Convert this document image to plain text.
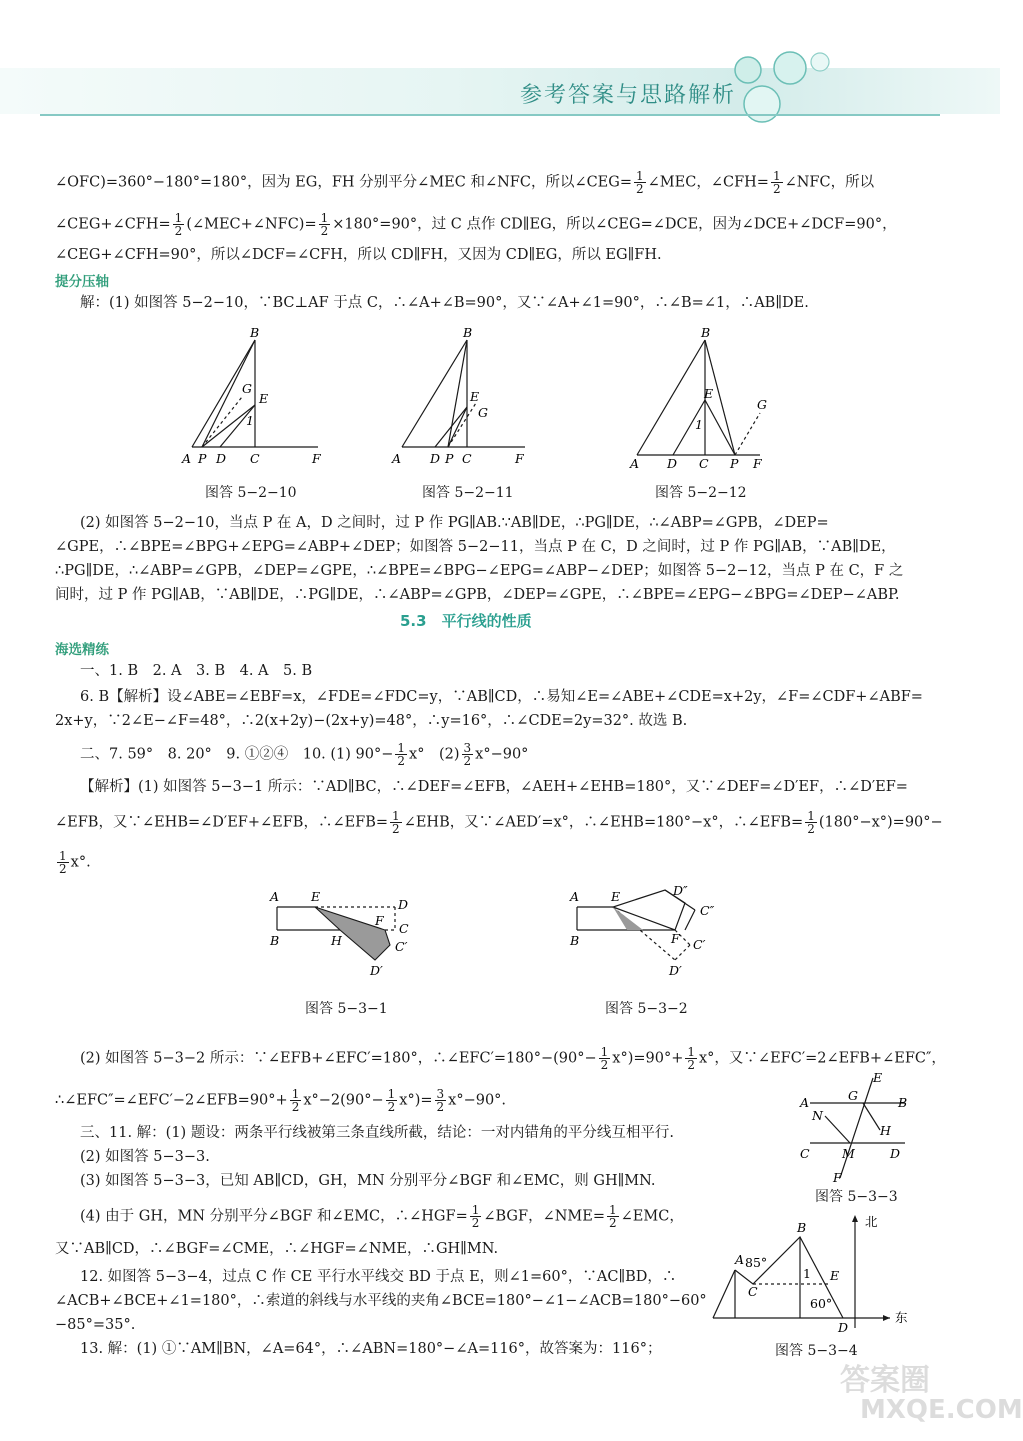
参考答案与思路解析
∠OFC)=360°−180°=180°，因为 EG，FH 分别平分∠MEC 和∠NFC，所以∠CEG= $\frac{1}{2}$ ∠MEC，∠CFH= $\frac{1}{2}$ ∠NFC，所以
∠CEG+∠CFH= $\frac{1}{2}$ (∠MEC+∠NFC)= $\frac{1}{2} \times 180^\circ=90^\circ$，过 C 点作 CD∥EG，所以∠CEG=∠DCE，因为∠DCE+∠DCF=90°，
∠CEG+∠CFH=90°，所以∠DCF=∠CFH，所以 CD∥FH，又因为 CD∥EG，所以 EG∥FH.
提分压轴
解：(1) 如图答 5−2−10，∵BC⊥AF 于点 C，∴∠A+∠B=90°，又∵∠A+∠1=90°，∴∠B=∠1，∴AB∥DE.
A P D C	F
B
G
E
1
图答 5−2−10
A D P C	F
B
E
G
图答 5−2−11
A D C P F
B
E
G
1
图答 5−2−12
(2) 如图答 5−2−10，当点 P 在 A，D 之间时，过 P 作 PG∥AB.∵AB∥DE，∴PG∥DE，∴∠ABP=∠GPB，∠DEP=
∠GPE，∴∠BPE=∠BPG+∠EPG=∠ABP+∠DEP；如图答 5−2−11，当点 P 在 C，D 之间时，过 P 作 PG∥AB，∵AB∥DE，
∴PG∥DE，∴∠ABP=∠GPB，∠DEP=∠GPE，∴∠BPE=∠BPG−∠EPG=∠ABP−∠DEP；如图答 5−2−12，当点 P 在 C，F 之
间时，过 P 作 PG∥AB，∵AB∥DE，∴PG∥DE，∴∠ABP=∠GPB，∠DEP=∠GPE，∴∠BPE=∠EPG−∠BPG=∠DEP−∠ABP.
5.3　平行线的性质
海选精练
一、1. B　2. A　3. B　4. A　5. B
6. B【解析】设∠ABE=∠EBF=x，∠FDE=∠FDC=y，∵AB∥CD，∴易知∠E=∠ABE+∠CDE=x+2y，∠F=∠CDF+∠ABF=
2x+y，∵2∠E−∠F=48°，∴2(x+2y)−(2x+y)=48°，∴y=16°，∴∠CDE=2y=32°. 故选 B.
二、7. 59°　8. 20°　9. ①②④　10. (1) $90^\circ- \frac{1}{2} x^\circ$　$(2) \frac{3}{2} x^\circ-90^\circ$
【解析】(1) 如图答 5−3−1 所示：∵AD∥BC，∴∠DEF=∠EFB，∠AEH+∠EHB=180°，又∵∠DEF=∠D′EF，∴∠D′EF=
∠EFB，又∵∠EHB=∠D′EF+∠EFB，∴∠EFB= $\frac{1}{2}$ ∠EHB，又∵∠AED′=x°，∴∠EHB=180°−x°，∴∠EFB= $\frac{1}{2} (180^\circ-x^\circ)=90^\circ-$
$\frac{1}{2} x^\circ$.
A	E
D
F
C
B	H	C′
D′
图答 5−3−1
A	E	D″
C″
B	F C′
D′
图答 5−3−2
(2) 如图答 5−3−2 所示：∵∠EFB+∠EFC′=180°，∴∠EFC′=180°−(90°− $\frac{1}{2} x^\circ)=90^\circ+ \frac{1}{2} x^\circ$，又∵∠EFC′=2∠EFB+∠EFC″，
∴∠EFC″=∠EFC′−2∠EFB=90°+ $\frac{1}{2} x^\circ-2(90^\circ- \frac{1}{2} x^\circ)= \frac{3}{2} x^\circ-90^\circ$.	A	G
E
B
N
H
C	M	D
F
图答 5−3−3
三、11. 解：(1) 题设：两条平行线被第三条直线所截，结论：一对内错角的平分线互相平行.
(2) 如图答 5−3−3.
(3) 如图答 5−3−3，已知 AB∥CD，GH，MN 分别平分∠BGF 和∠EMC，则 GH∥MN.
(4) 由于 GH，MN 分别平分∠BGF 和∠EMC，∴∠HGF= $\frac{1}{2}$ ∠BGF，∠NME= $\frac{1}{2}$ ∠EMC，
又∵AB∥CD，∴∠BGF=∠CME，∴∠HGF=∠NME，∴GH∥MN.
B
A 85°
1
C
E
60°
D
北
东
图答 5−3−4
12. 如图答 5−3−4，过点 C 作 CE 平行水平线交 BD 于点 E，则∠1=60°，∵AC∥BD，∴
∠ACB+∠BCE+∠1=180°，∴索道的斜线与水平线的夹角∠BCE=180°−∠1−∠ACB=180°−60°
−85°=35°.
13. 解：(1) ①∵AM∥BN，∠A=64°，∴∠ABN=180°−∠A=116°，故答案为：116°；
答案圈
MXQE.COM
